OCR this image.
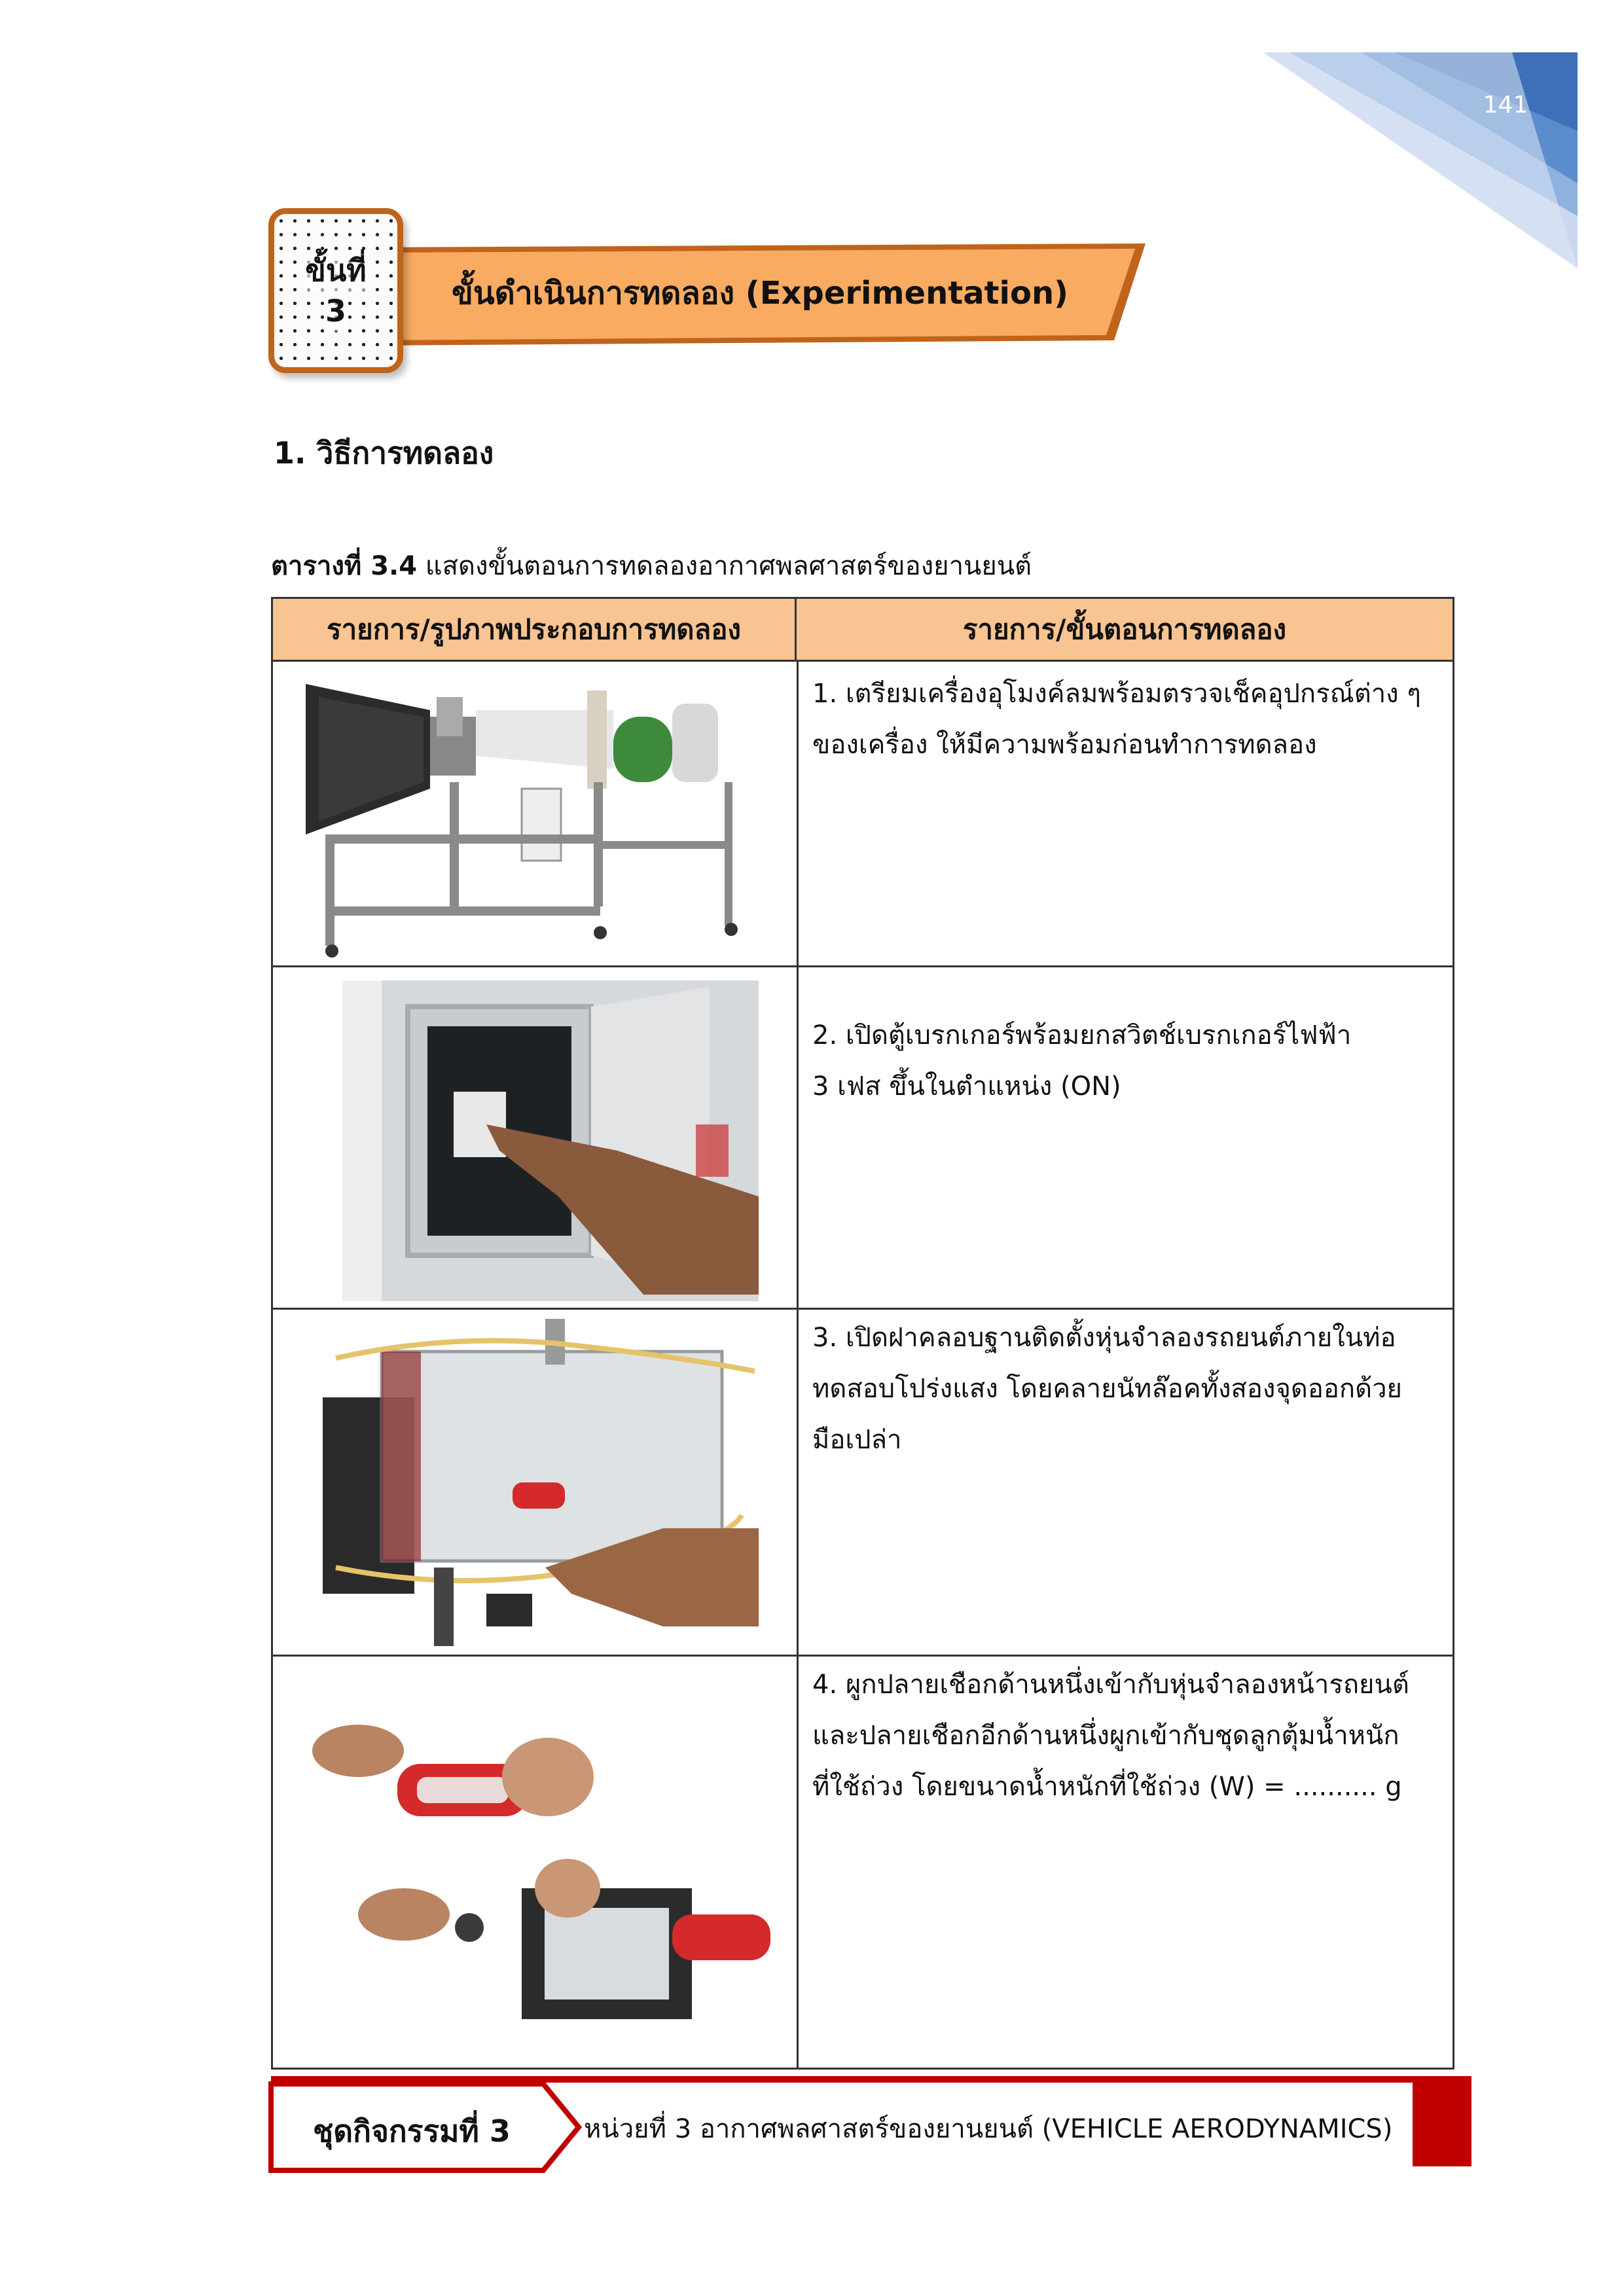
141
ขั้นที่
3	ขั้นดำเนินการทดลอง (Experimentation)
1. วิธีการทดลอง
ตารางที่ 3.4 แสดงขั้นตอนการทดลองอากาศพลศาสตร์ของยานยนต์
รายการ/รูปภาพประกอบการทดลอง	รายการ/ขั้นตอนการทดลอง
1. เตรียมเครื่องอุโมงค์ลมพร้อมตรวจเช็คอุปกรณ์ต่าง ๆ
ของเครื่อง ให้มีความพร้อมก่อนทำการทดลอง
2. เปิดตู้เบรกเกอร์พร้อมยกสวิตช์เบรกเกอร์ไฟฟ้า
3 เฟส ขึ้นในตำแหน่ง (ON)
3. เปิดฝาคลอบฐานติดตั้งหุ่นจำลองรถยนต์ภายในท่อ
ทดสอบโปร่งแสง โดยคลายนัทล๊อคทั้งสองจุดออกด้วย
มือเปล่า
4. ผูกปลายเชือกด้านหนึ่งเข้ากับหุ่นจำลองหน้ารถยนต์
และปลายเชือกอีกด้านหนึ่งผูกเข้ากับชุดลูกตุ้มน้ำหนัก
ที่ใช้ถ่วง โดยขนาดน้ำหนักที่ใช้ถ่วง (W) = .......... g
ชุดกิจกรรมที่ 3	หน่วยที่ 3 อากาศพลศาสตร์ของยานยนต์ (VEHICLE AERODYNAMICS)
